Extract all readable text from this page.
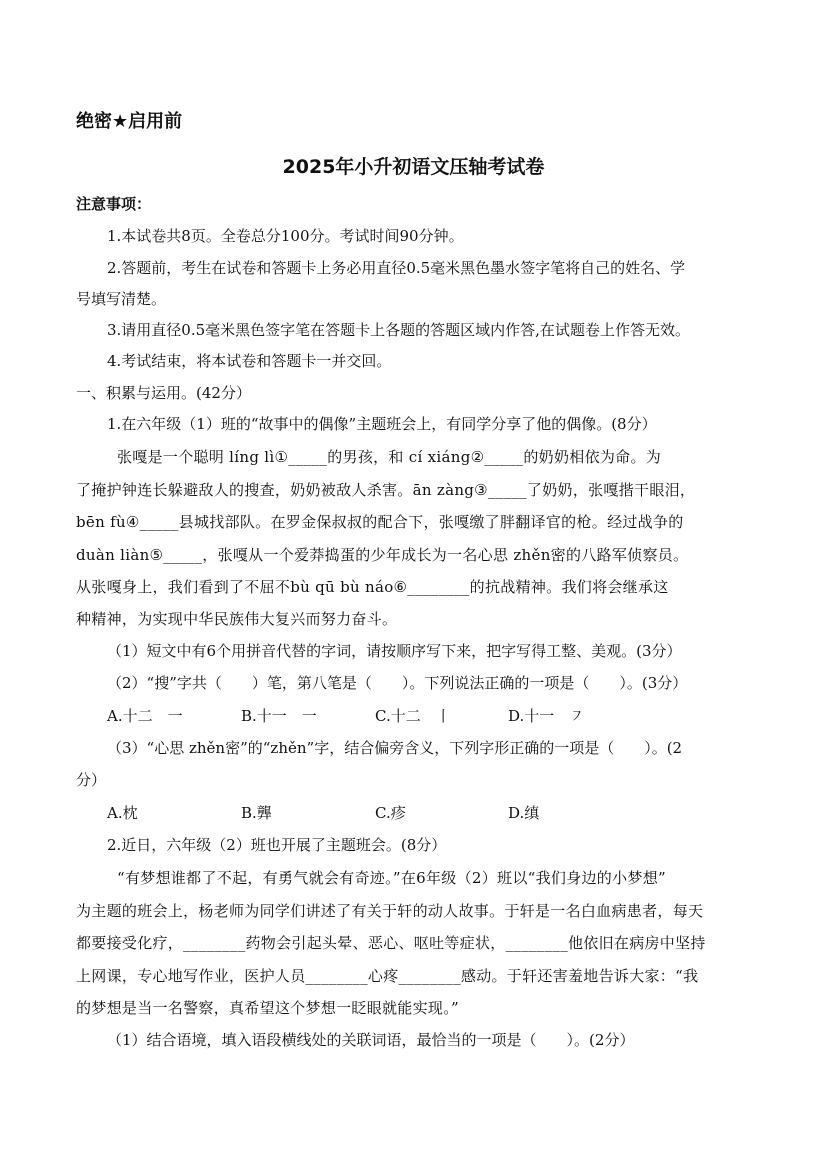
绝密★启用前
2025年小升初语文压轴考试卷
注意事项：
1.本试卷共8页。全卷总分100分。考试时间90分钟。
2.答题前，考生在试卷和答题卡上务必用直径0.5毫米黑色墨水签字笔将自己的姓名、学
号填写清楚。
3.请用直径0.5毫米黑色签字笔在答题卡上各题的答题区域内作答,在试题卷上作答无效。
4.考试结束，将本试卷和答题卡一并交回。
一、积累与运用。(42分）
1.在六年级（1）班的“故事中的偶像”主题班会上，有同学分享了他的偶像。(8分）
张嘎是一个聪明 líng lì①_____的男孩，和 cí xiáng②_____的奶奶相依为命。为
了掩护钟连长躲避敌人的搜查，奶奶被敌人杀害。ān zàng③_____了奶奶，张嘎揩干眼泪，
bēn fù④_____县城找部队。在罗金保叔叔的配合下，张嘎缴了胖翻译官的枪。经过战争的
duàn liàn⑤_____，张嘎从一个爱莽捣蛋的少年成长为一名心思 zhěn密的八路军侦察员。
从张嘎身上，我们看到了不屈不bù qū bù náo⑥________的抗战精神。我们将会继承这
种精神，为实现中华民族伟大复兴而努力奋斗。
（1）短文中有6个用拼音代替的字词，请按顺序写下来，把字写得工整、美观。(3分）
（2）“搜”字共（　　）笔，第八笔是（　　）。下列说法正确的一项是（　　）。(3分）
A.十二　一	B.十一　一	C.十二　丨	D.十一　㇇
（3）“心思 zhěn密”的“zhěn”字，结合偏旁含义，下列字形正确的一项是（　　）。(2
分）
A.枕	B.龏	C.疹	D.缜
2.近日，六年级（2）班也开展了主题班会。(8分）
“有梦想谁都了不起，有勇气就会有奇迹。”在6年级（2）班以“我们身边的小梦想”
为主题的班会上，杨老师为同学们讲述了有关于轩的动人故事。于轩是一名白血病患者，每天
都要接受化疗，________药物会引起头晕、恶心、呕吐等症状，________他依旧在病房中坚持
上网课，专心地写作业，医护人员________心疼________感动。于轩还害羞地告诉大家：“我
的梦想是当一名警察，真希望这个梦想一眨眼就能实现。”
（1）结合语境，填入语段横线处的关联词语，最恰当的一项是（　　）。(2分）
